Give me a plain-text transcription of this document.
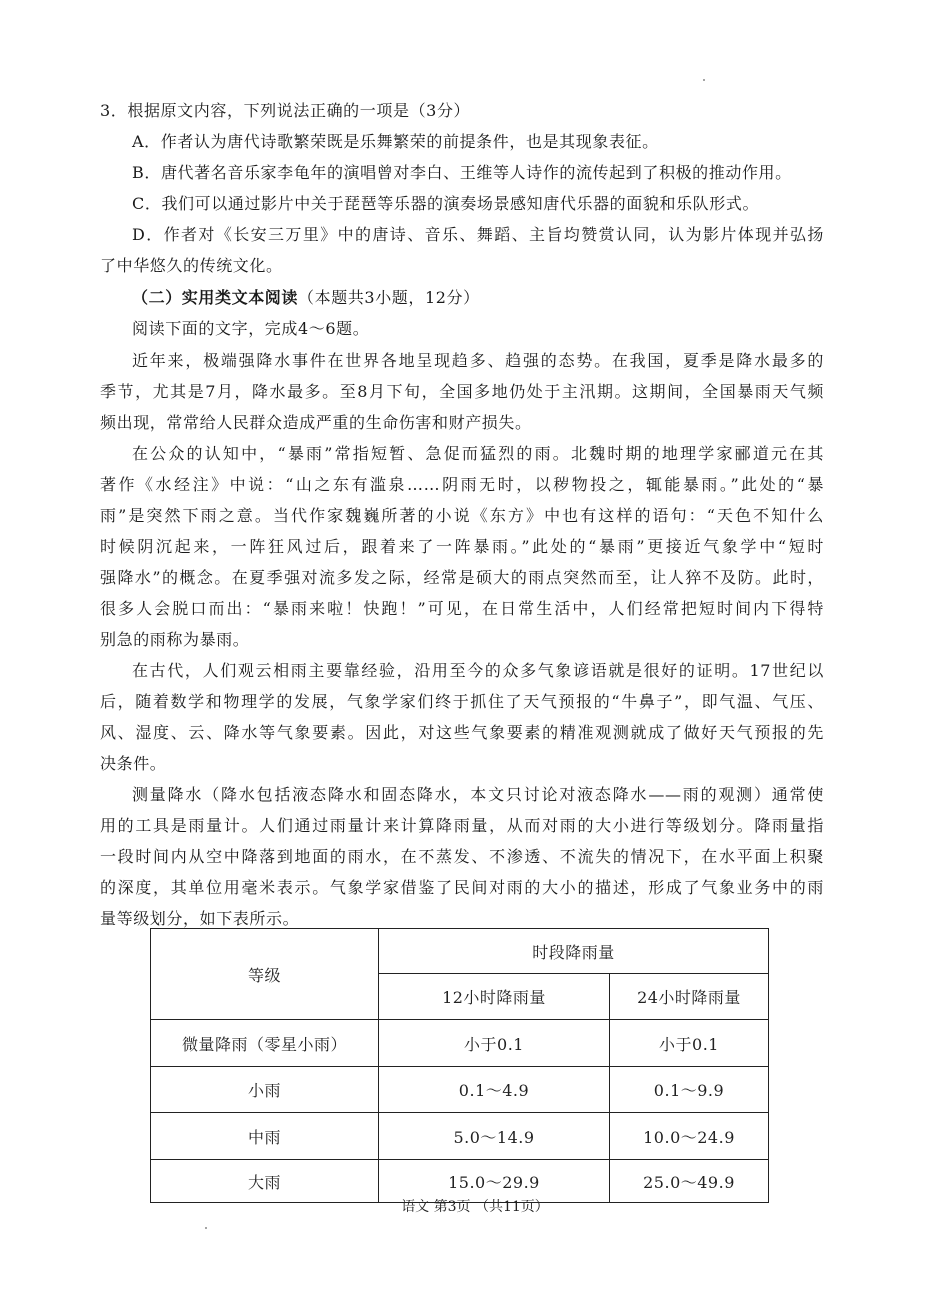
3．根据原文内容，下列说法正确的一项是（3分）
A．作者认为唐代诗歌繁荣既是乐舞繁荣的前提条件，也是其现象表征。
B．唐代著名音乐家李龟年的演唱曾对李白、王维等人诗作的流传起到了积极的推动作用。
C．我们可以通过影片中关于琵琶等乐器的演奏场景感知唐代乐器的面貌和乐队形式。
D．作者对《长安三万里》中的唐诗、音乐、舞蹈、主旨均赞赏认同，认为影片体现并弘扬
了中华悠久的传统文化。
（二）实用类文本阅读（本题共3小题，12分）
阅读下面的文字，完成4～6题。
近年来，极端强降水事件在世界各地呈现趋多、趋强的态势。在我国，夏季是降水最多的
季节，尤其是7月，降水最多。至8月下旬，全国多地仍处于主汛期。这期间，全国暴雨天气频
频出现，常常给人民群众造成严重的生命伤害和财产损失。
在公众的认知中，“暴雨”常指短暂、急促而猛烈的雨。北魏时期的地理学家郦道元在其
著作《水经注》中说：“山之东有滥泉……阴雨无时，以秽物投之，辄能暴雨。”此处的“暴
雨”是突然下雨之意。当代作家魏巍所著的小说《东方》中也有这样的语句：“天色不知什么
时候阴沉起来，一阵狂风过后，跟着来了一阵暴雨。”此处的“暴雨”更接近气象学中“短时
强降水”的概念。在夏季强对流多发之际，经常是硕大的雨点突然而至，让人猝不及防。此时，
很多人会脱口而出：“暴雨来啦！快跑！”可见，在日常生活中，人们经常把短时间内下得特
别急的雨称为暴雨。
在古代，人们观云相雨主要靠经验，沿用至今的众多气象谚语就是很好的证明。17世纪以
后，随着数学和物理学的发展，气象学家们终于抓住了天气预报的“牛鼻子”，即气温、气压、
风、湿度、云、降水等气象要素。因此，对这些气象要素的精准观测就成了做好天气预报的先
决条件。
测量降水（降水包括液态降水和固态降水，本文只讨论对液态降水——雨的观测）通常使
用的工具是雨量计。人们通过雨量计来计算降雨量，从而对雨的大小进行等级划分。降雨量指
一段时间内从空中降落到地面的雨水，在不蒸发、不渗透、不流失的情况下，在水平面上积聚
的深度，其单位用毫米表示。气象学家借鉴了民间对雨的大小的描述，形成了气象业务中的雨
量等级划分，如下表所示。
等级	时段降雨量	
	12小时降雨量	24小时降雨量
微量降雨（零星小雨）	小于0.1	小于0.1
小雨	0.1～4.9	0.1～9.9
中雨	5.0～14.9	10.0～24.9
大雨	15.0～29.9	25.0～49.9
语文 第3页 （共11页）
